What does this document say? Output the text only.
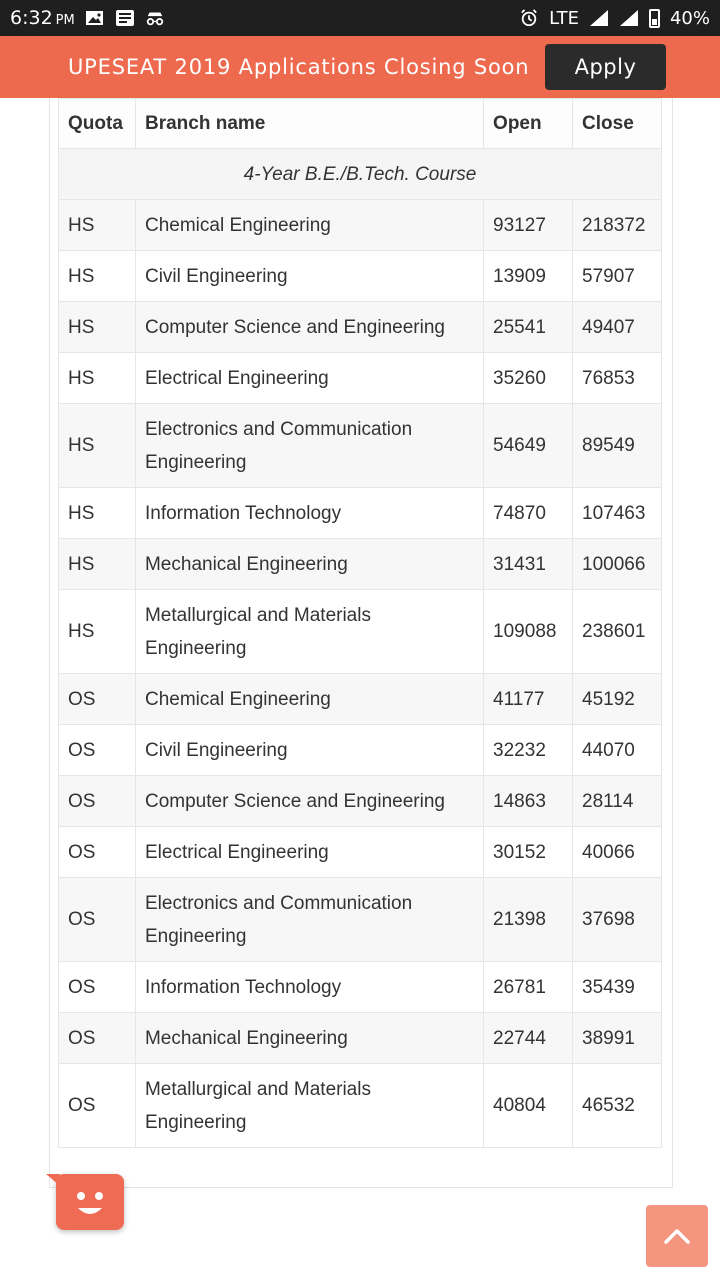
6:32 PM	LTE	40%
UPESEAT 2019 Applications Closing Soon	Apply
Quota	Branch name	Open	Close
4-Year B.E./B.Tech. Course			
HS	Chemical Engineering	93127	218372
HS	Civil Engineering	13909	57907
HS	Computer Science and Engineering	25541	49407
HS	Electrical Engineering	35260	76853
HS	Electronics and Communication Engineering	54649	89549
HS	Information Technology	74870	107463
HS	Mechanical Engineering	31431	100066
HS	Metallurgical and Materials Engineering	109088	238601
OS	Chemical Engineering	41177	45192
OS	Civil Engineering	32232	44070
OS	Computer Science and Engineering	14863	28114
OS	Electrical Engineering	30152	40066
OS	Electronics and Communication Engineering	21398	37698
OS	Information Technology	26781	35439
OS	Mechanical Engineering	22744	38991
OS	Metallurgical and Materials Engineering	40804	46532
